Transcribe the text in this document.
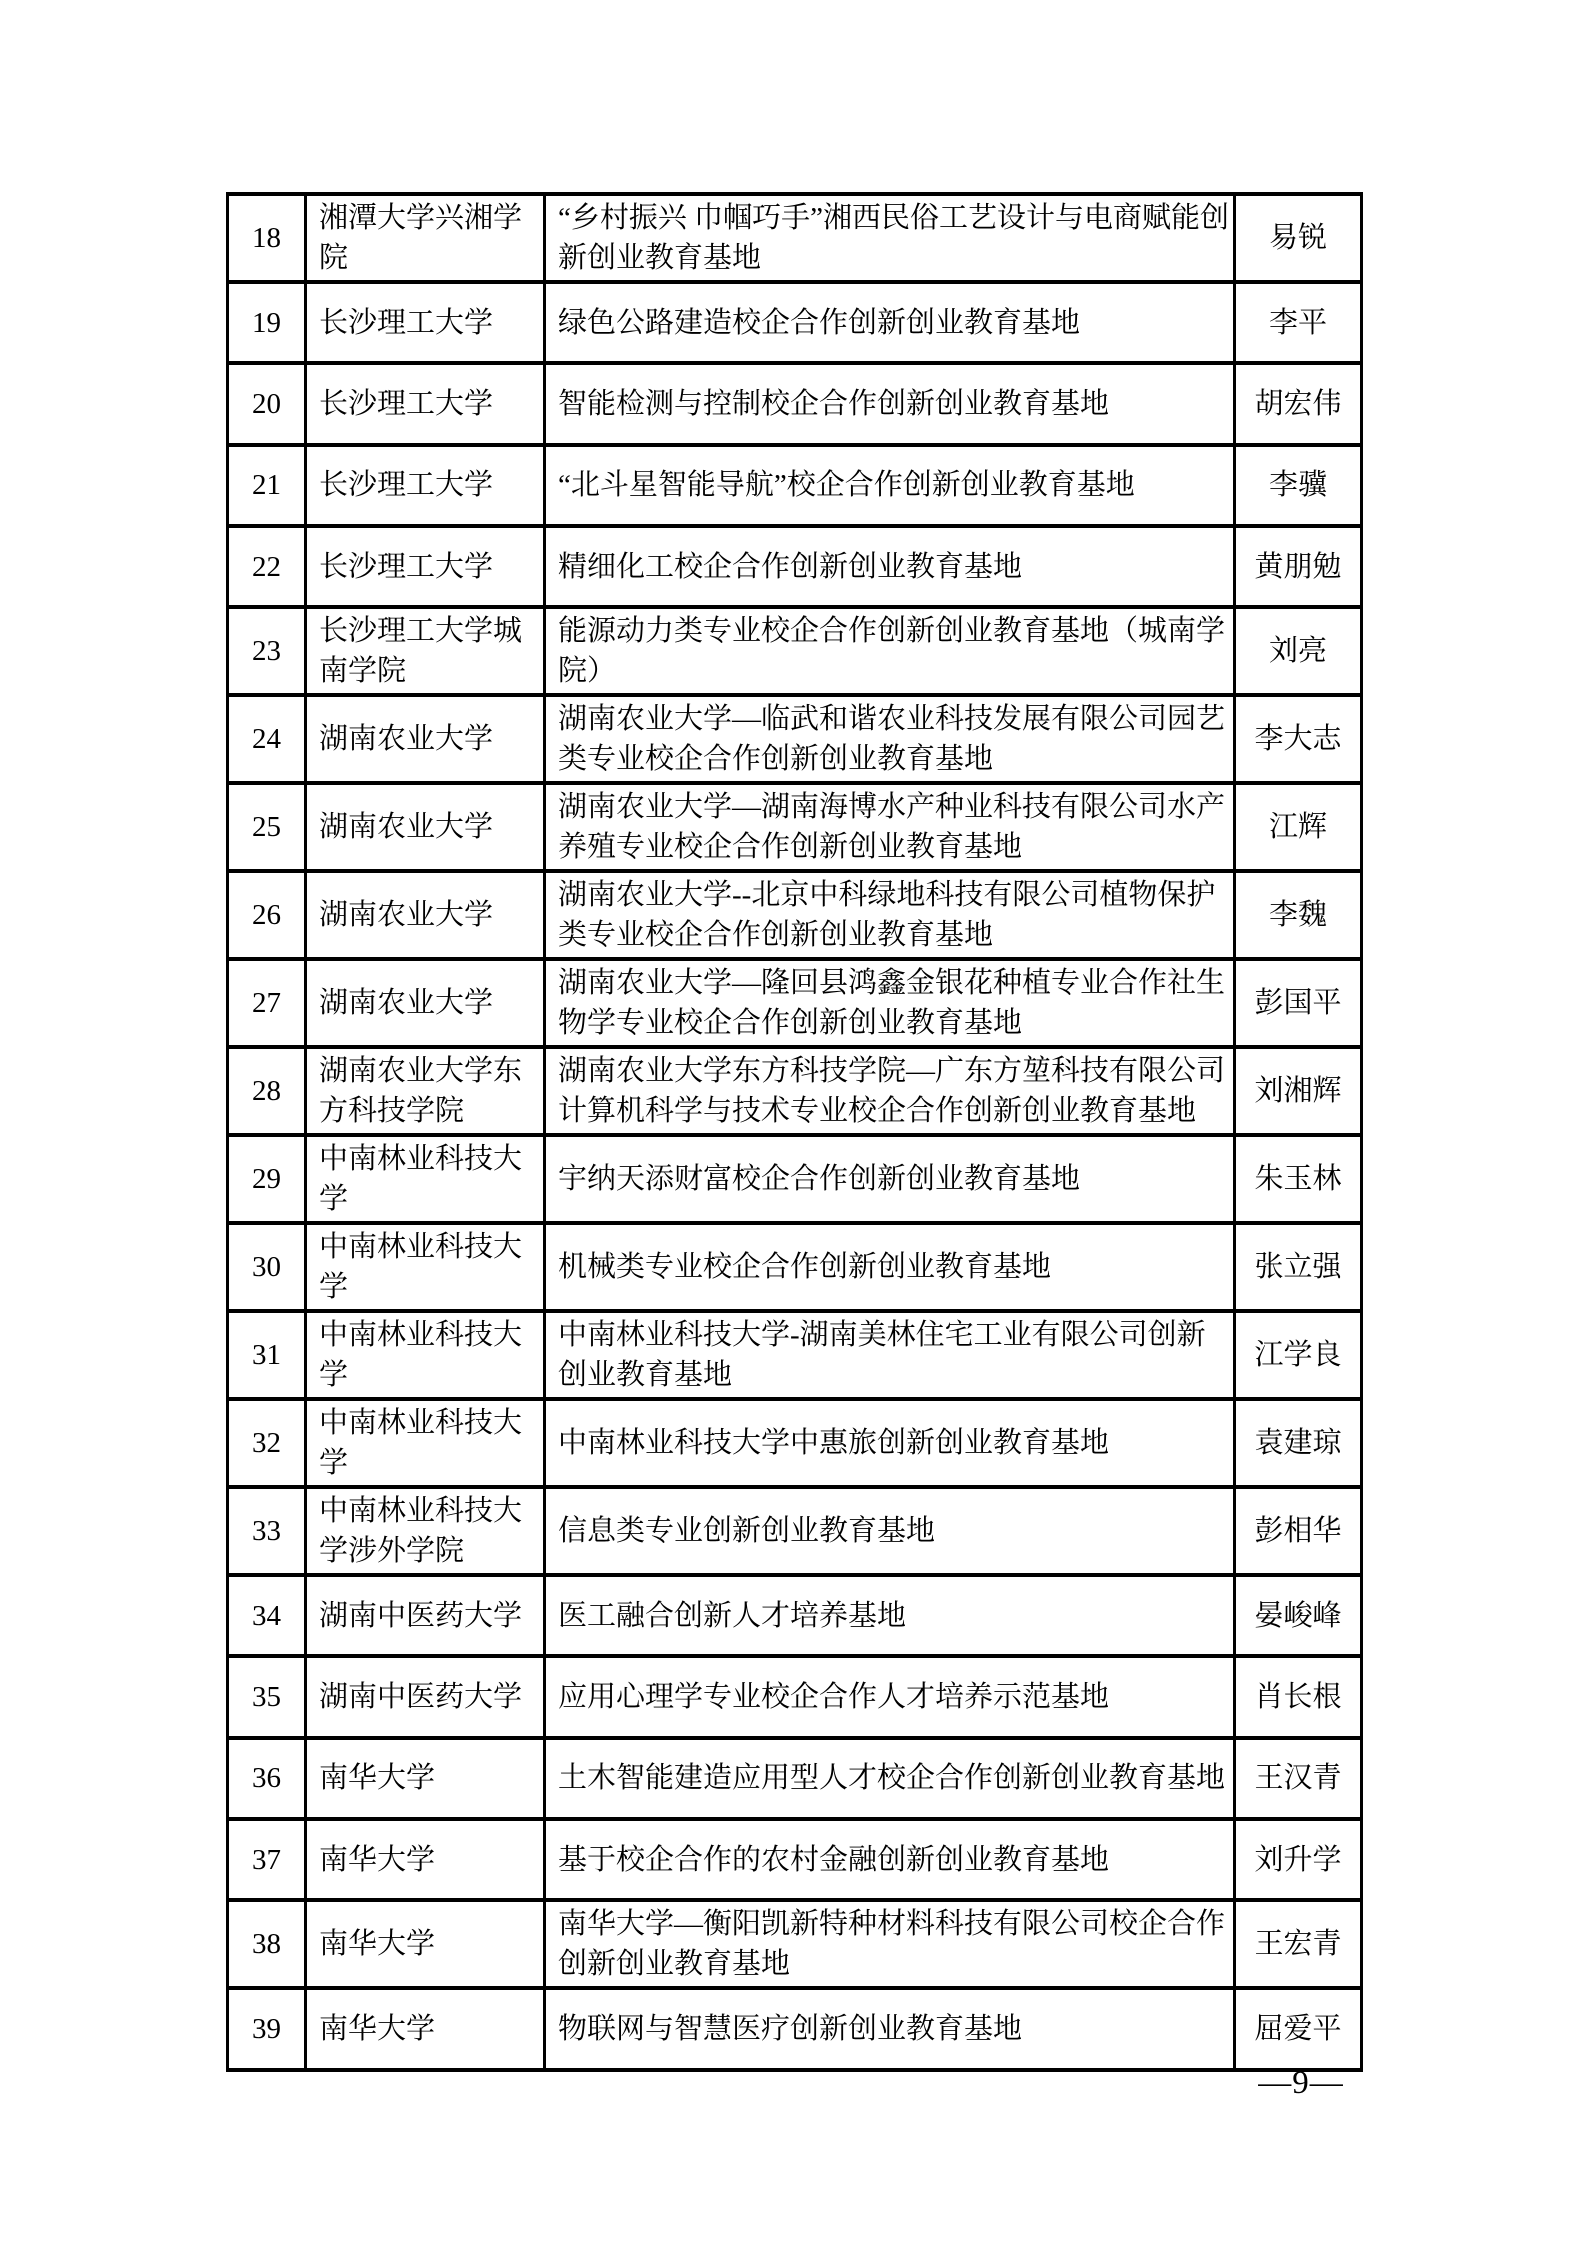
18	湘潭大学兴湘学院	“乡村振兴 巾帼巧手”湘西民俗工艺设计与电商赋能创新创业教育基地	易锐
19	长沙理工大学	绿色公路建造校企合作创新创业教育基地	李平
20	长沙理工大学	智能检测与控制校企合作创新创业教育基地	胡宏伟
21	长沙理工大学	“北斗星智能导航”校企合作创新创业教育基地	李骥
22	长沙理工大学	精细化工校企合作创新创业教育基地	黄朋勉
23	长沙理工大学城南学院	能源动力类专业校企合作创新创业教育基地（城南学院）	刘亮
24	湖南农业大学	湖南农业大学—临武和谐农业科技发展有限公司园艺类专业校企合作创新创业教育基地	李大志
25	湖南农业大学	湖南农业大学—湖南海博水产种业科技有限公司水产养殖专业校企合作创新创业教育基地	江辉
26	湖南农业大学	湖南农业大学--北京中科绿地科技有限公司植物保护类专业校企合作创新创业教育基地	李魏
27	湖南农业大学	湖南农业大学—隆回县鸿鑫金银花种植专业合作社生物学专业校企合作创新创业教育基地	彭国平
28	湖南农业大学东方科技学院	湖南农业大学东方科技学院—广东方堃科技有限公司计算机科学与技术专业校企合作创新创业教育基地	刘湘辉
29	中南林业科技大学	宇纳天添财富校企合作创新创业教育基地	朱玉林
30	中南林业科技大学	机械类专业校企合作创新创业教育基地	张立强
31	中南林业科技大学	中南林业科技大学-湖南美林住宅工业有限公司创新创业教育基地	江学良
32	中南林业科技大学	中南林业科技大学中惠旅创新创业教育基地	袁建琼
33	中南林业科技大学涉外学院	信息类专业创新创业教育基地	彭相华
34	湖南中医药大学	医工融合创新人才培养基地	晏峻峰
35	湖南中医药大学	应用心理学专业校企合作人才培养示范基地	肖长根
36	南华大学	土木智能建造应用型人才校企合作创新创业教育基地	王汉青
37	南华大学	基于校企合作的农村金融创新创业教育基地	刘升学
38	南华大学	南华大学—衡阳凯新特种材料科技有限公司校企合作创新创业教育基地	王宏青
39	南华大学	物联网与智慧医疗创新创业教育基地	屈爱平
—9—
